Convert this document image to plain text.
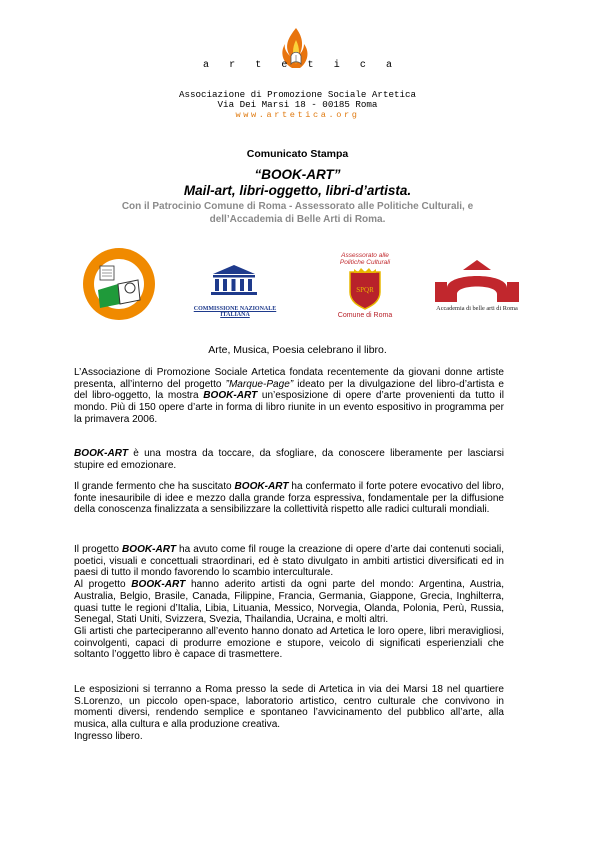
a	r	t	e	t	i	c	a
Associazione di Promozione Sociale Artetica
Via Dei Marsi 18 - 00185 Roma
www.artetica.org
Comunicato Stampa
“BOOK-ART”
Mail-art, libri-oggetto, libri-d’artista.
Con il Patrocinio Comune di Roma - Assessorato alle Politiche Culturali, e
dell’Accademia di Belle Arti di Roma.
COMMISSIONE NAZIONALE ITALIANA
Assessorato alle
Politiche Culturali
SPQR
Comune di Roma
Accademia di belle arti di Roma
Arte, Musica, Poesia celebrano il libro.

L’Associazione di Promozione Sociale Artetica fondata recentemente da giovani donne artiste presenta, all’interno del progetto ”Marque-Page” ideato per la divulgazione del libro-d’artista e del libro-oggetto, la mostra BOOK-ART un’esposizione di opere d’arte provenienti da tutto il mondo. Più di 150 opere d’arte in forma di libro riunite in un evento espositivo in programma per la primavera 2006.

BOOK-ART è una mostra da toccare, da sfogliare, da conoscere liberamente per lasciarsi stupire ed emozionare.

Il grande fermento che ha suscitato BOOK-ART ha confermato il forte potere evocativo del libro, fonte inesauribile di idee e mezzo dalla grande forza espressiva, fondamentale per la diffusione della conoscenza finalizzata a sensibilizzare la collettività rispetto alle radici culturali mondiali.

Il progetto BOOK-ART ha avuto come fil rouge la creazione di opere d’arte dai contenuti sociali, poetici, visuali e concettuali straordinari, ed è stato divulgato in ambiti artistici diversificati ed in paesi di tutto il mondo favorendo lo scambio interculturale.

Al progetto BOOK-ART hanno aderito artisti da ogni parte del mondo: Argentina, Austria, Australia, Belgio, Brasile, Canada, Filippine, Francia, Germania, Giappone, Grecia, Inghilterra, quasi tutte le regioni d’Italia, Libia, Lituania, Messico, Norvegia, Olanda, Polonia, Perù, Russia, Senegal, Stati Uniti, Svizzera, Svezia, Thailandia, Ucraina, e molti altri.

Gli artisti che parteciperanno all’evento hanno donato ad Artetica le loro opere, libri meravigliosi, coinvolgenti, capaci di produrre emozione e stupore, veicolo di significati esperienziali che soltanto l’oggetto libro è capace di trasmettere.

Le esposizioni si terranno a Roma presso la sede di Artetica in via dei Marsi 18 nel quartiere S.Lorenzo, un piccolo open-space, laboratorio artistico, centro culturale che convivono in momenti diversi, rendendo semplice e spontaneo l’avvicinamento del pubblico all’arte, alla musica, alla cultura e alla produzione creativa.

Ingresso libero.
